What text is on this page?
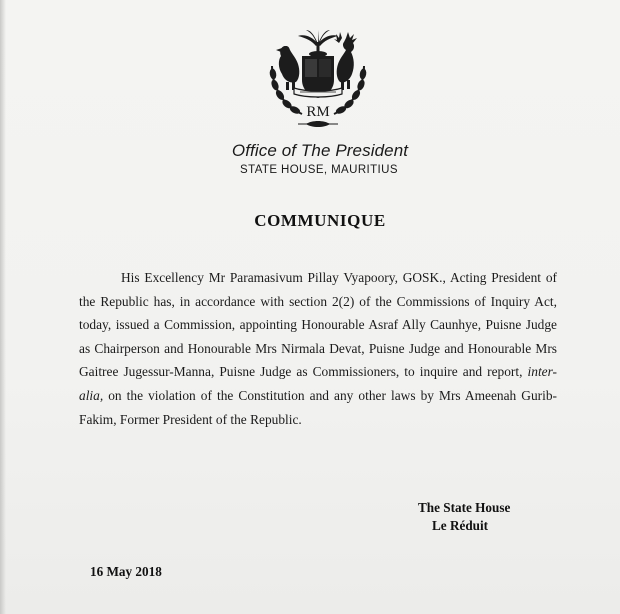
RM
Office of The President
STATE HOUSE, MAURITIUS
COMMUNIQUE
His Excellency Mr Paramasivum Pillay Vyapoory, GOSK., Acting President of the Republic has, in accordance with section 2(2) of the Commissions of Inquiry Act, today, issued a Commission, appointing Honourable Asraf Ally Caunhye, Puisne Judge as Chairperson and Honourable Mrs Nirmala Devat, Puisne Judge and Honourable Mrs Gaitree Jugessur-Manna, Puisne Judge as Commissioners, to inquire and report, inter-alia, on the violation of the Constitution and any other laws by Mrs Ameenah Gurib-Fakim, Former President of the Republic.
The State House
Le Réduit
16 May 2018
